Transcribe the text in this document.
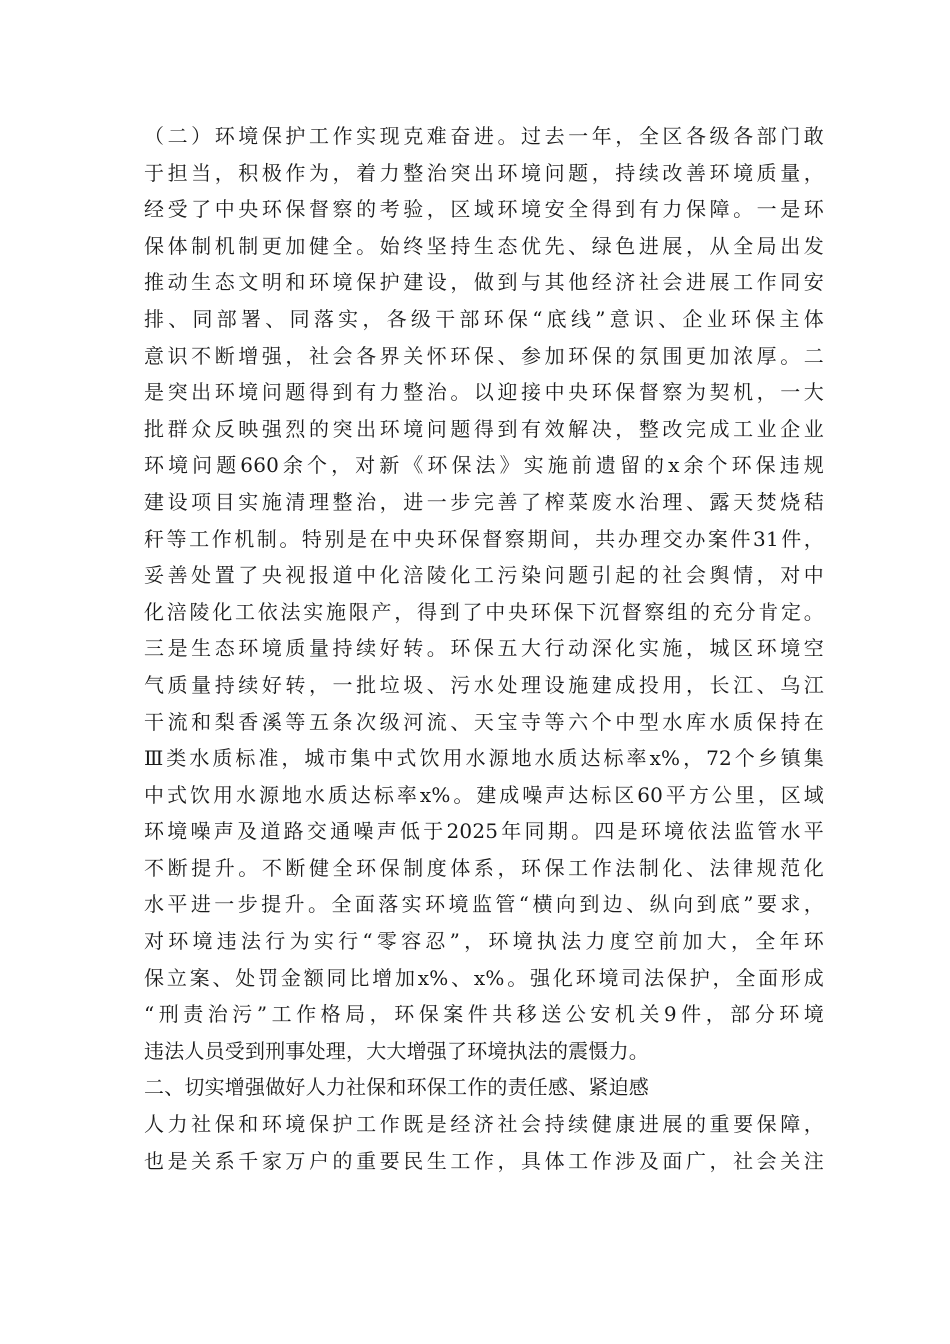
（二）环境保护工作实现克难奋进。过去一年，全区各级各部门敢
于担当，积极作为，着力整治突出环境问题，持续改善环境质量，
经受了中央环保督察的考验，区域环境安全得到有力保障。一是环
保体制机制更加健全。始终坚持生态优先、绿色进展，从全局出发
推动生态文明和环境保护建设，做到与其他经济社会进展工作同安
排、同部署、同落实，各级干部环保“底线”意识、企业环保主体
意识不断增强，社会各界关怀环保、参加环保的氛围更加浓厚。二
是突出环境问题得到有力整治。以迎接中央环保督察为契机，一大
批群众反映强烈的突出环境问题得到有效解决，整改完成工业企业
环境问题660余个，对新《环保法》实施前遗留的x余个环保违规
建设项目实施清理整治，进一步完善了榨菜废水治理、露天焚烧秸
秆等工作机制。特别是在中央环保督察期间，共办理交办案件31件，
妥善处置了央视报道中化涪陵化工污染问题引起的社会舆情，对中
化涪陵化工依法实施限产，得到了中央环保下沉督察组的充分肯定。
三是生态环境质量持续好转。环保五大行动深化实施，城区环境空
气质量持续好转，一批垃圾、污水处理设施建成投用，长江、乌江
干流和梨香溪等五条次级河流、天宝寺等六个中型水库水质保持在
Ⅲ类水质标准，城市集中式饮用水源地水质达标率x%，72个乡镇集
中式饮用水源地水质达标率x%。建成噪声达标区60平方公里，区域
环境噪声及道路交通噪声低于2025年同期。四是环境依法监管水平
不断提升。不断健全环保制度体系，环保工作法制化、法律规范化
水平进一步提升。全面落实环境监管“横向到边、纵向到底”要求，
对环境违法行为实行“零容忍”，环境执法力度空前加大，全年环
保立案、处罚金额同比增加x%、x%。强化环境司法保护，全面形成
“刑责治污”工作格局，环保案件共移送公安机关9件，部分环境
违法人员受到刑事处理，大大增强了环境执法的震慑力。
二、切实增强做好人力社保和环保工作的责任感、紧迫感
人力社保和环境保护工作既是经济社会持续健康进展的重要保障，
也是关系千家万户的重要民生工作，具体工作涉及面广，社会关注
